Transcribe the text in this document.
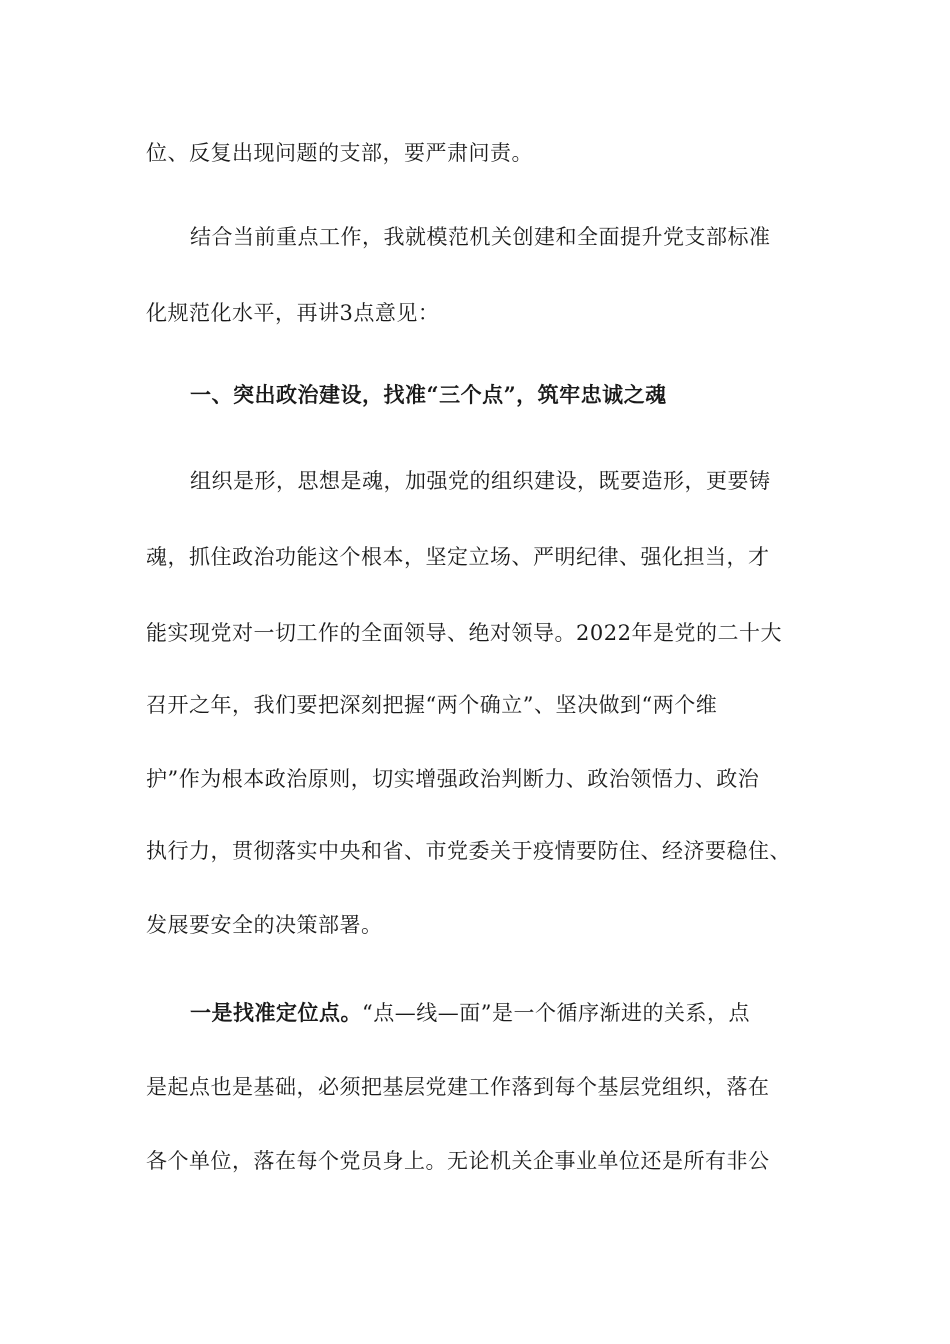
位、反复出现问题的支部，要严肃问责。
结合当前重点工作，我就模范机关创建和全面提升党支部标准
化规范化水平，再讲3点意见：
一、突出政治建设，找准“三个点”，筑牢忠诚之魂
组织是形，思想是魂，加强党的组织建设，既要造形，更要铸
魂，抓住政治功能这个根本，坚定立场、严明纪律、强化担当，才
能实现党对一切工作的全面领导、绝对领导。2022年是党的二十大
召开之年，我们要把深刻把握“两个确立”、坚决做到“两个维
护”作为根本政治原则，切实增强政治判断力、政治领悟力、政治
执行力，贯彻落实中央和省、市党委关于疫情要防住、经济要稳住、
发展要安全的决策部署。
一是找准定位点。“点—线—面”是一个循序渐进的关系，点
是起点也是基础，必须把基层党建工作落到每个基层党组织，落在
各个单位，落在每个党员身上。无论机关企事业单位还是所有非公
